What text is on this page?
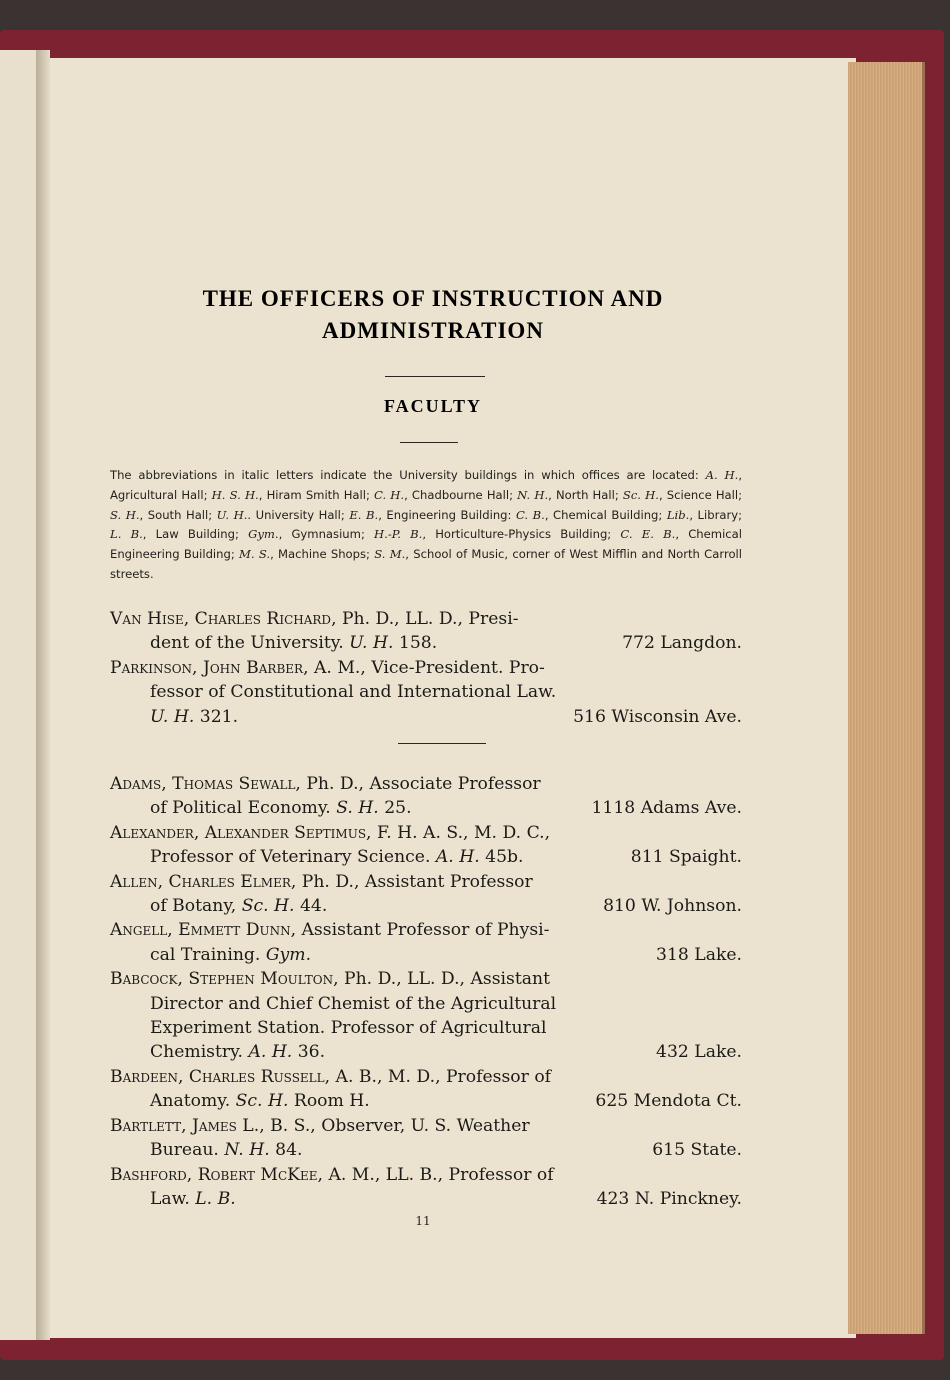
THE OFFICERS OF INSTRUCTION AND
ADMINISTRATION
FACULTY
The abbreviations in italic letters indicate the University buildings in which offices are located: A. H., Agricultural Hall; H. S. H., Hiram Smith Hall; C. H., Chadbourne Hall; N. H., North Hall; Sc. H., Science Hall; S. H., South Hall; U. H.. University Hall; E. B., Engineering Building: C. B., Chemical Building; Lib., Library; L. B., Law Building; Gym., Gymnasium; H.-P. B., Horticulture-Physics Building; C. E. B., Chemical Engineering Building; M. S., Machine Shops; S. M., School of Music, corner of West Mifflin and North Carroll streets.
Van Hise, Charles Richard, Ph. D., LL. D., Presi-
dent of the University. U. H. 158.	772 Langdon.
Parkinson, John Barber, A. M., Vice-President. Pro-
fessor of Constitutional and International Law.
U. H. 321.	516 Wisconsin Ave.
Adams, Thomas Sewall, Ph. D., Associate Professor
of Political Economy. S. H. 25.	1118 Adams Ave.
Alexander, Alexander Septimus, F. H. A. S., M. D. C.,
Professor of Veterinary Science. A. H. 45b.	811 Spaight.
Allen, Charles Elmer, Ph. D., Assistant Professor
of Botany, Sc. H. 44.	810 W. Johnson.
Angell, Emmett Dunn, Assistant Professor of Physi-
cal Training. Gym.	318 Lake.
Babcock, Stephen Moulton, Ph. D., LL. D., Assistant
Director and Chief Chemist of the Agricultural
Experiment Station. Professor of Agricultural
Chemistry. A. H. 36.	432 Lake.
Bardeen, Charles Russell, A. B., M. D., Professor of
Anatomy. Sc. H. Room H.	625 Mendota Ct.
Bartlett, James L., B. S., Observer, U. S. Weather
Bureau. N. H. 84.	615 State.
Bashford, Robert McKee, A. M., LL. B., Professor of
Law. L. B.	423 N. Pinckney.
11
